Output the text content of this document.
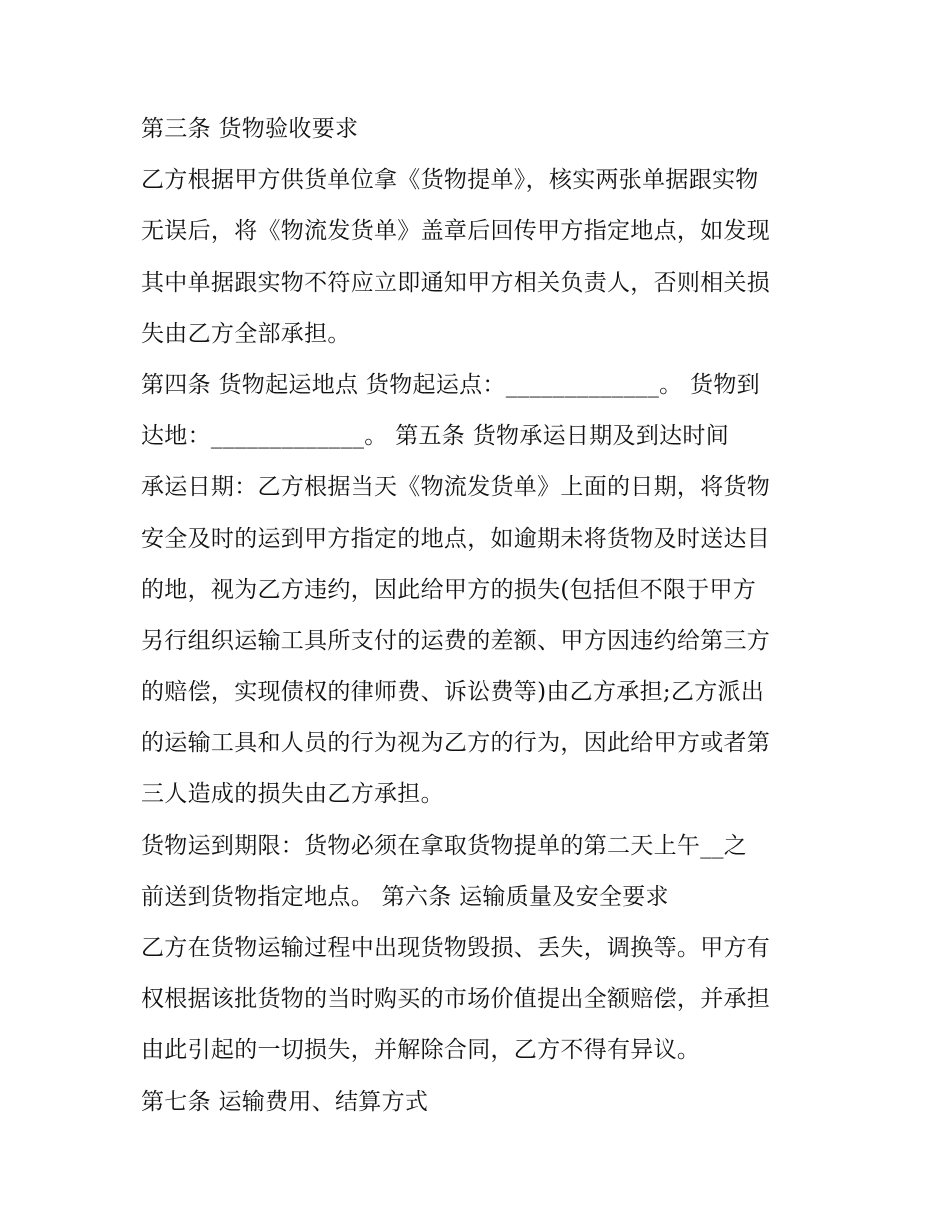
第三条 货物验收要求
乙方根据甲方供货单位拿《货物提单》，核实两张单据跟实物
无误后，将《物流发货单》盖章后回传甲方指定地点，如发现
其中单据跟实物不符应立即通知甲方相关负责人，否则相关损
失由乙方全部承担。
第四条 货物起运地点 货物起运点：_____________。 货物到
达地：_____________。 第五条 货物承运日期及到达时间
承运日期：乙方根据当天《物流发货单》上面的日期，将货物
安全及时的运到甲方指定的地点，如逾期未将货物及时送达目
的地，视为乙方违约，因此给甲方的损失(包括但不限于甲方
另行组织运输工具所支付的运费的差额、甲方因违约给第三方
的赔偿，实现债权的律师费、诉讼费等)由乙方承担;乙方派出
的运输工具和人员的行为视为乙方的行为，因此给甲方或者第
三人造成的损失由乙方承担。
货物运到期限：货物必须在拿取货物提单的第二天上午__之
前送到货物指定地点。 第六条 运输质量及安全要求
乙方在货物运输过程中出现货物毁损、丢失，调换等。甲方有
权根据该批货物的当时购买的市场价值提出全额赔偿，并承担
由此引起的一切损失，并解除合同，乙方不得有异议。
第七条 运输费用、结算方式
